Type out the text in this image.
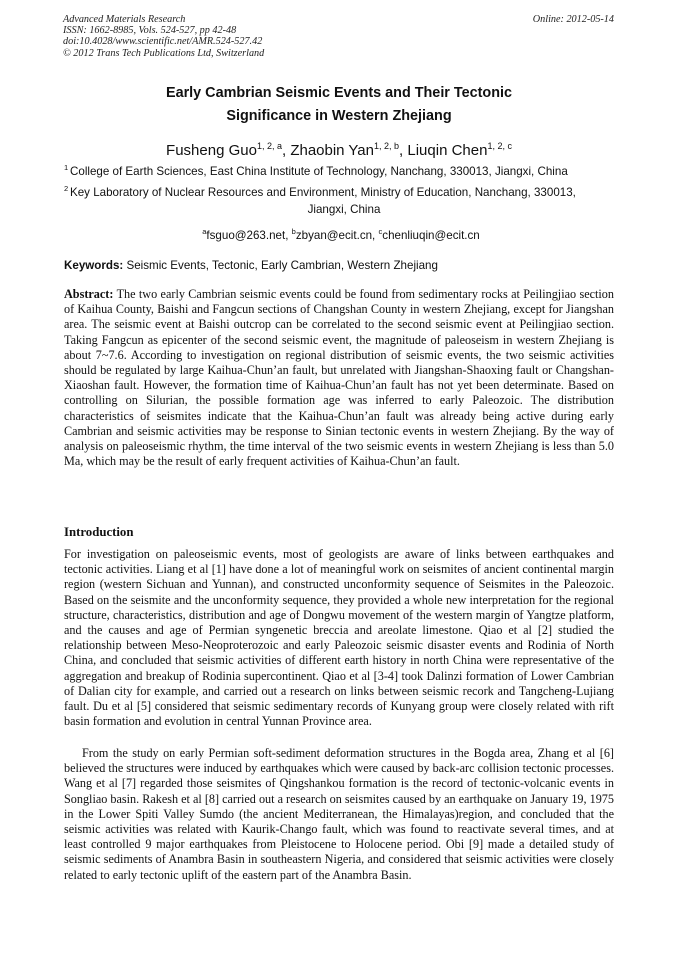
Advanced Materials Research
ISSN: 1662-8985, Vols. 524-527, pp 42-48
doi:10.4028/www.scientific.net/AMR.524-527.42
© 2012 Trans Tech Publications Ltd, Switzerland
Online: 2012-05-14
Early Cambrian Seismic Events and Their Tectonic
Significance in Western Zhejiang
Fusheng Guo$^{1, 2, a}$, Zhaobin Yan$^{1, 2, b}$, Liuqin Chen$^{1, 2, c}$
1 College of Earth Sciences, East China Institute of Technology, Nanchang, 330013, Jiangxi, China
2 Key Laboratory of Nuclear Resources and Environment, Ministry of Education, Nanchang, 330013,
Jiangxi, China
$^a$fsguo@263.net, $^b$zbyan@ecit.cn, $^c$chenliuqin@ecit.cn
Keywords: Seismic Events, Tectonic, Early Cambrian, Western Zhejiang
Abstract: The two early Cambrian seismic events could be found from sedimentary rocks at Peilingjiao section of Kaihua County, Baishi and Fangcun sections of Changshan County in western Zhejiang, except for Jiangshan area. The seismic event at Baishi outcrop can be correlated to the second seismic event at Peilingjiao section. Taking Fangcun as epicenter of the second seismic event, the magnitude of paleoseism in western Zhejiang is about 7~7.6. According to investigation on regional distribution of seismic events, the two seismic activities should be regulated by large Kaihua-Chun’an fault, but unrelated with Jiangshan-Shaoxing fault or Changshan-Xiaoshan fault. However, the formation time of Kaihua-Chun’an fault has not yet been determinate. Based on controlling on Silurian, the possible formation age was inferred to early Paleozoic. The distribution characteristics of seismites indicate that the Kaihua-Chun’an fault was already being active during early Cambrian and seismic activities may be response to Sinian tectonic events in western Zhejiang. By the way of analysis on paleoseismic rhythm, the time interval of the two seismic events in western Zhejiang is less than 5.0 Ma, which may be the result of early frequent activities of Kaihua-Chun’an fault.
Introduction
For investigation on paleoseismic events, most of geologists are aware of links between earthquakes and tectonic activities. Liang et al [1] have done a lot of meaningful work on seismites of ancient continental margin region (western Sichuan and Yunnan), and constructed unconformity sequence of Seismites in the Paleozoic. Based on the seismite and the unconformity sequence, they provided a whole new interpretation for the regional structure, characteristics, distribution and age of Dongwu movement of the western margin of Yangtze platform, and the causes and age of Permian syngenetic breccia and areolate limestone. Qiao et al [2] studied the relationship between Meso-Neoproterozoic and early Paleozoic seismic disaster events and Rodinia of North China, and concluded that seismic activities of different earth history in north China were representative of the aggregation and breakup of Rodinia supercontinent. Qiao et al [3-4] took Dalinzi formation of Lower Cambrian of Dalian city for example, and carried out a research on links between seismic recork and Tangcheng-Lujiang fault. Du et al [5] considered that seismic sedimentary records of Kunyang group were closely related with rift basin formation and evolution in central Yunnan Province area.
From the study on early Permian soft-sediment deformation structures in the Bogda area, Zhang et al [6] believed the structures were induced by earthquakes which were caused by back-arc collision tectonic processes. Wang et al [7] regarded those seismites of Qingshankou formation is the record of tectonic-volcanic events in Songliao basin. Rakesh et al [8] carried out a research on seismites caused by an earthquake on January 19, 1975 in the Lower Spiti Valley Sumdo (the ancient Mediterranean, the Himalayas)region, and concluded that the seismic activities was related with Kaurik-Chango fault, which was found to reactivate several times, and at least controlled 9 major earthquakes from Pleistocene to Holocene period. Obi [9] made a detailed study of seismic sediments of Anambra Basin in southeastern Nigeria, and considered that seismic activities were closely related to early tectonic uplift of the eastern part of the Anambra Basin.
